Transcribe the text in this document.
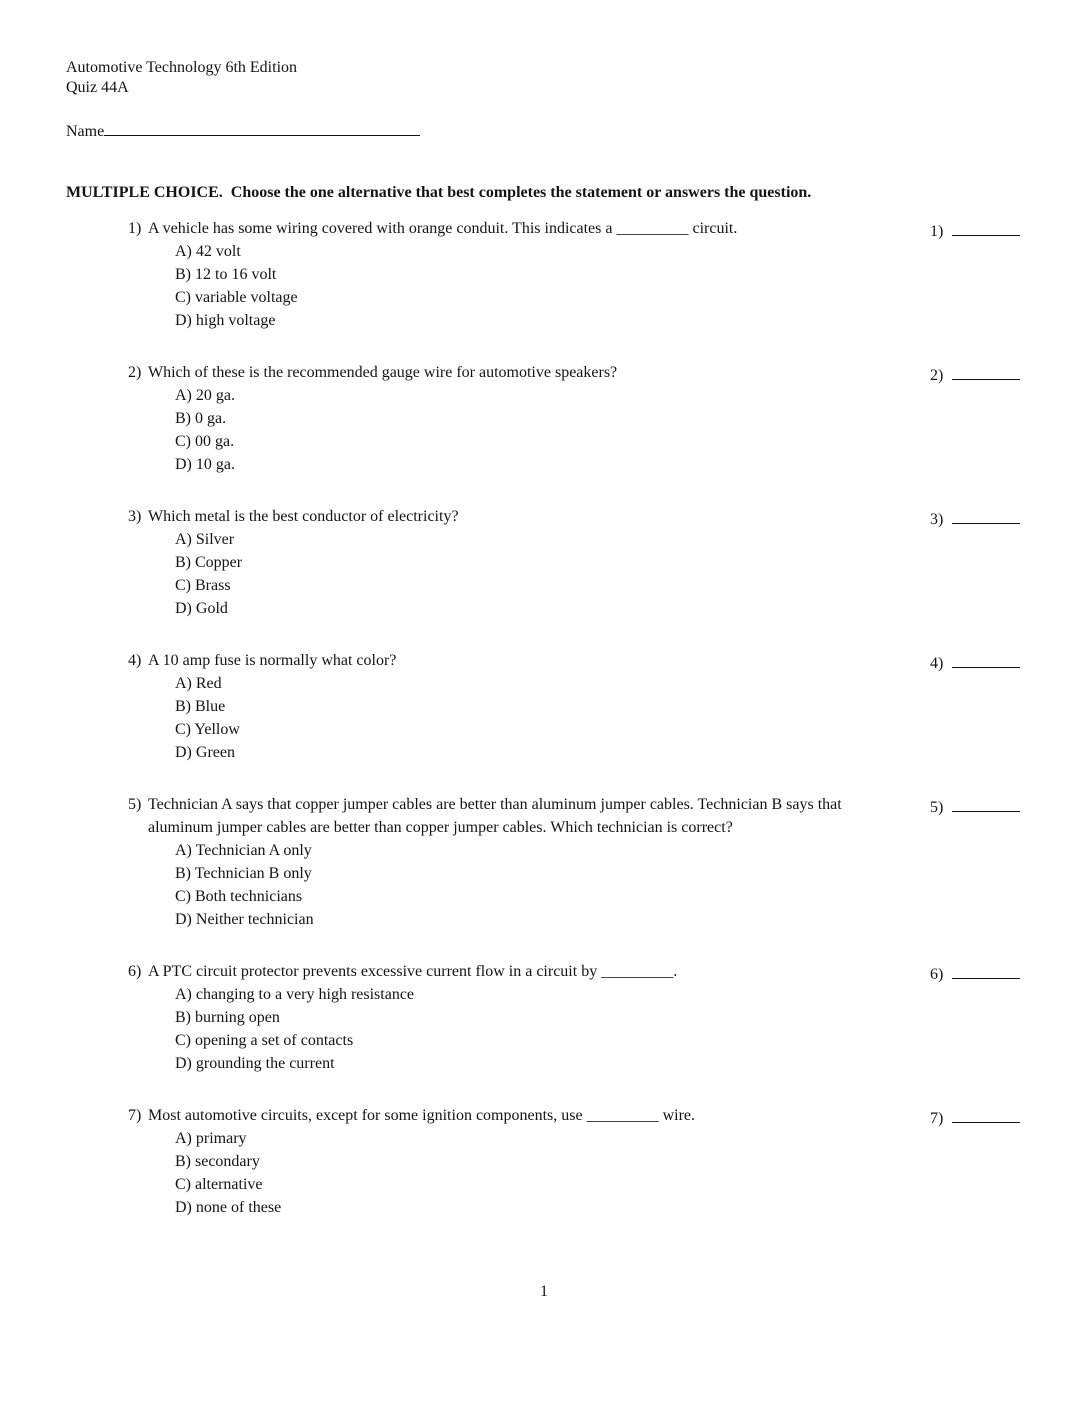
Automotive Technology 6th Edition
Quiz 44A
Name
MULTIPLE CHOICE.  Choose the one alternative that best completes the statement or answers the question.
1) A vehicle has some wiring covered with orange conduit. This indicates a _________ circuit.
A) 42 volt
B) 12 to 16 volt
C) variable voltage
D) high voltage
1)
2) Which of these is the recommended gauge wire for automotive speakers?
A) 20 ga.
B) 0 ga.
C) 00 ga.
D) 10 ga.
2)
3) Which metal is the best conductor of electricity?
A) Silver
B) Copper
C) Brass
D) Gold
3)
4) A 10 amp fuse is normally what color?
A) Red
B) Blue
C) Yellow
D) Green
4)
5) Technician A says that copper jumper cables are better than aluminum jumper cables. Technician B says that aluminum jumper cables are better than copper jumper cables. Which technician is correct?
A) Technician A only
B) Technician B only
C) Both technicians
D) Neither technician
5)
6) A PTC circuit protector prevents excessive current flow in a circuit by _________.
A) changing to a very high resistance
B) burning open
C) opening a set of contacts
D) grounding the current
6)
7) Most automotive circuits, except for some ignition components, use _________ wire.
A) primary
B) secondary
C) alternative
D) none of these
7)
1
